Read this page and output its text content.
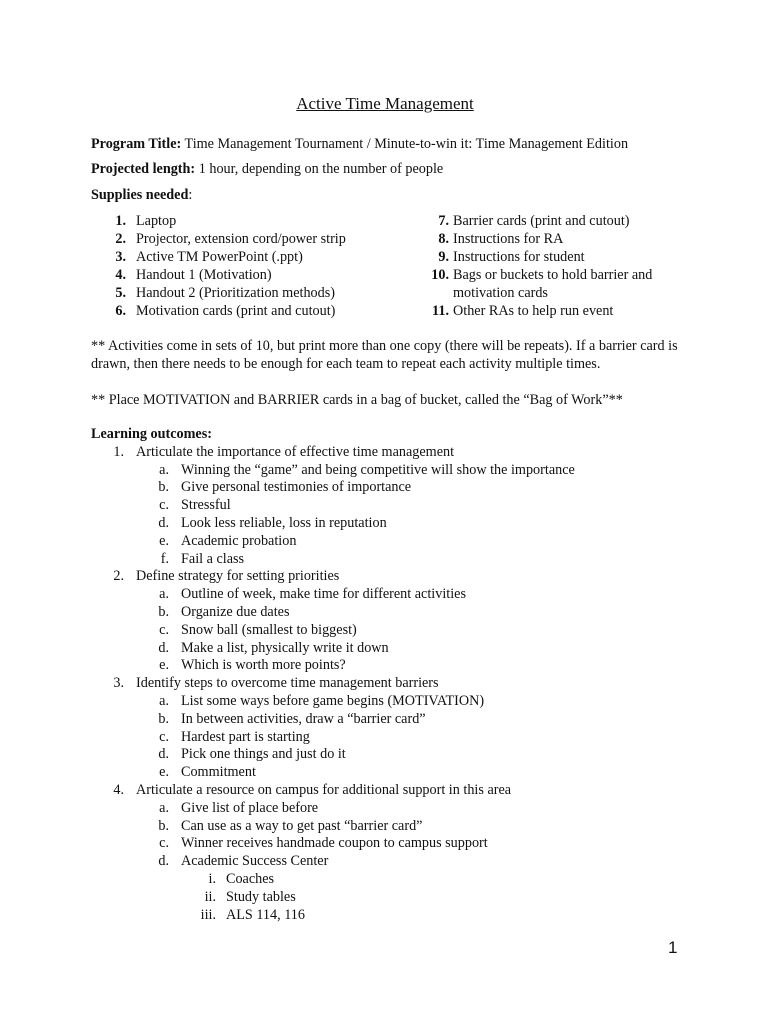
Active Time Management
Program Title: Time Management Tournament / Minute-to-win it: Time Management Edition
Projected length: 1 hour, depending on the number of people
Supplies needed:
1. Laptop
2. Projector, extension cord/power strip
3. Active TM PowerPoint (.ppt)
4. Handout 1 (Motivation)
5. Handout 2 (Prioritization methods)
6. Motivation cards (print and cutout)
7. Barrier cards (print and cutout)
8. Instructions for RA
9. Instructions for student
10. Bags or buckets to hold barrier and motivation cards
11. Other RAs to help run event
** Activities come in sets of 10, but print more than one copy (there will be repeats). If a barrier card is drawn, then there needs to be enough for each team to repeat each activity multiple times.
** Place MOTIVATION and BARRIER cards in a bag of bucket, called the “Bag of Work”**
Learning outcomes:
1. Articulate the importance of effective time management
a. Winning the “game” and being competitive will show the importance
b. Give personal testimonies of importance
c. Stressful
d. Look less reliable, loss in reputation
e. Academic probation
f. Fail a class
2. Define strategy for setting priorities
a. Outline of week, make time for different activities
b. Organize due dates
c. Snow ball (smallest to biggest)
d. Make a list, physically write it down
e. Which is worth more points?
3. Identify steps to overcome time management barriers
a. List some ways before game begins (MOTIVATION)
b. In between activities, draw a “barrier card”
c. Hardest part is starting
d. Pick one things and just do it
e. Commitment
4. Articulate a resource on campus for additional support in this area
a. Give list of place before
b. Can use as a way to get past “barrier card”
c. Winner receives handmade coupon to campus support
d. Academic Success Center
i. Coaches
ii. Study tables
iii. ALS 114, 116
1
